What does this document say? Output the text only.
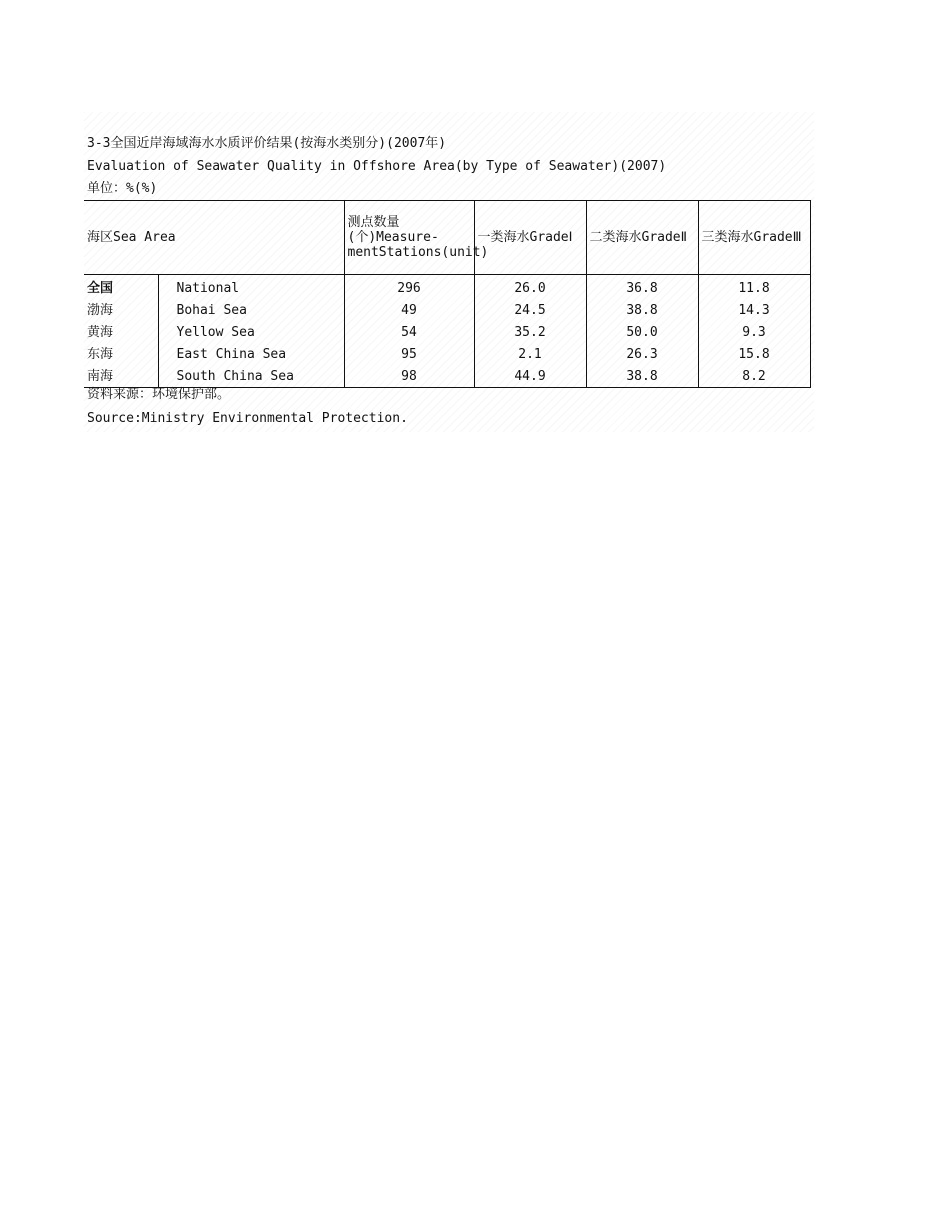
3-3全国近岸海域海水水质评价结果(按海水类别分)(2007年)
Evaluation of Seawater Quality in Offshore Area(by Type of Seawater)(2007)
单位：%(%)
海区Sea Area		测点数量(个)Measure-mentStations(unit)	一类海水GradeⅠ	二类海水GradeⅡ	三类海水GradeⅢ
全国	National	296	26.0	36.8	11.8
渤海	Bohai Sea	49	24.5	38.8	14.3
黄海	Yellow Sea	54	35.2	50.0	9.3
东海	East China Sea	95	2.1	26.3	15.8
南海	South China Sea	98	44.9	38.8	8.2
资料来源：环境保护部。
Source:Ministry Environmental Protection.
